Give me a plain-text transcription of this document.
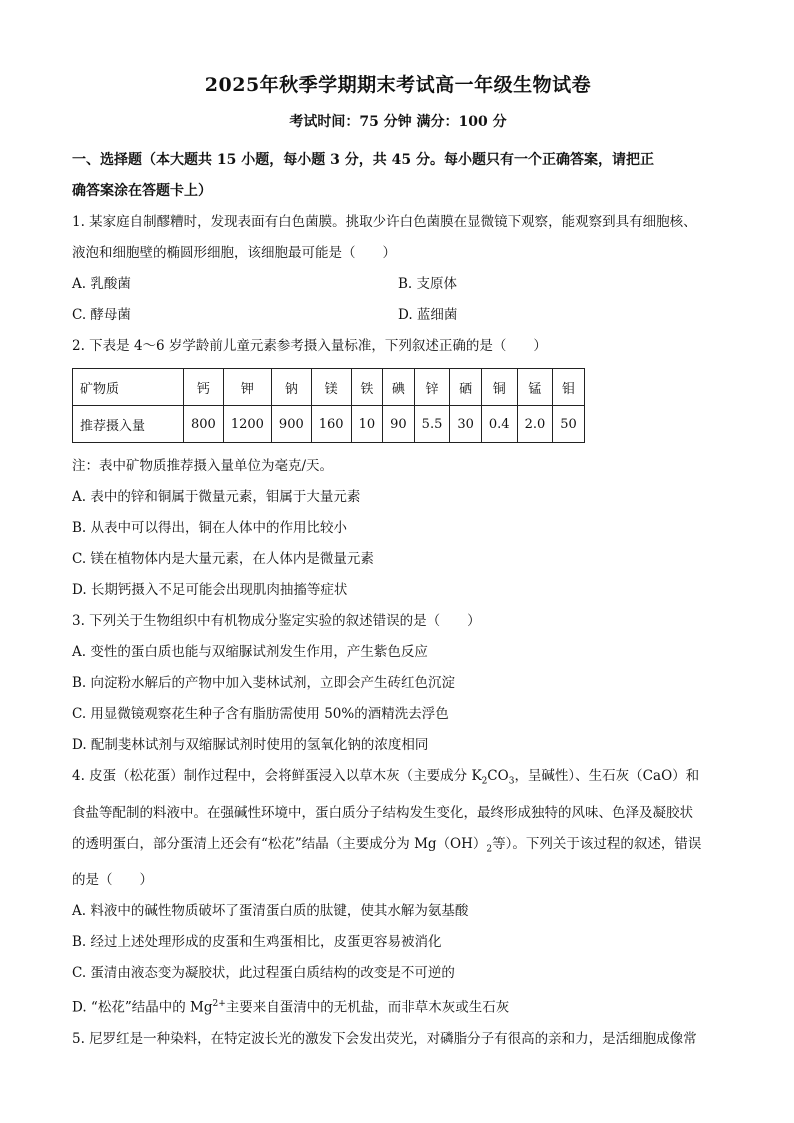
2025年秋季学期期末考试高一年级生物试卷

考试时间：75 分钟 满分：100 分

一、选择题（本大题共 15 小题，每小题 3 分，共 45 分。每小题只有一个正确答案，请把正

确答案涂在答题卡上）

1. 某家庭自制醪糟时，发现表面有白色菌膜。挑取少许白色菌膜在显微镜下观察，能观察到具有细胞核、

液泡和细胞壁的椭圆形细胞，该细胞最可能是（　　）

A. 乳酸菌	B. 支原体
C. 酵母菌	D. 蓝细菌

2. 下表是 4～6 岁学龄前儿童元素参考摄入量标准，下列叙述正确的是（　　）

矿物质	钙	钾	钠	镁	铁	碘	锌	硒	铜	锰	钼
推荐摄入量	800	1200	900	160	10	90	5.5	30	0.4	2.0	50

注：表中矿物质推荐摄入量单位为毫克/天。

A. 表中的锌和铜属于微量元素，钼属于大量元素

B. 从表中可以得出，铜在人体中的作用比较小

C. 镁在植物体内是大量元素，在人体内是微量元素

D. 长期钙摄入不足可能会出现肌肉抽搐等症状

3. 下列关于生物组织中有机物成分鉴定实验的叙述错误的是（　　）

A. 变性的蛋白质也能与双缩脲试剂发生作用，产生紫色反应

B. 向淀粉水解后的产物中加入斐林试剂，立即会产生砖红色沉淀

C. 用显微镜观察花生种子含有脂肪需使用 50%的酒精洗去浮色

D. 配制斐林试剂与双缩脲试剂时使用的氢氧化钠的浓度相同

4. 皮蛋（松花蛋）制作过程中，会将鲜蛋浸入以草木灰（主要成分 $K_2CO_3$，呈碱性）、生石灰（CaO）和

食盐等配制的料液中。在强碱性环境中，蛋白质分子结构发生变化，最终形成独特的风味、色泽及凝胶状

的透明蛋白，部分蛋清上还会有“松花”结晶（主要成分为 $Mg(OH)_2$等）。下列关于该过程的叙述，错误

的是（　　）

A. 料液中的碱性物质破坏了蛋清蛋白质的肽键，使其水解为氨基酸

B. 经过上述处理形成的皮蛋和生鸡蛋相比，皮蛋更容易被消化

C. 蛋清由液态变为凝胶状，此过程蛋白质结构的改变是不可逆的

D. “松花”结晶中的 $Mg^{2+}$主要来自蛋清中的无机盐，而非草木灰或生石灰

5. 尼罗红是一种染料，在特定波长光的激发下会发出荧光，对磷脂分子有很高的亲和力，是活细胞成像常
